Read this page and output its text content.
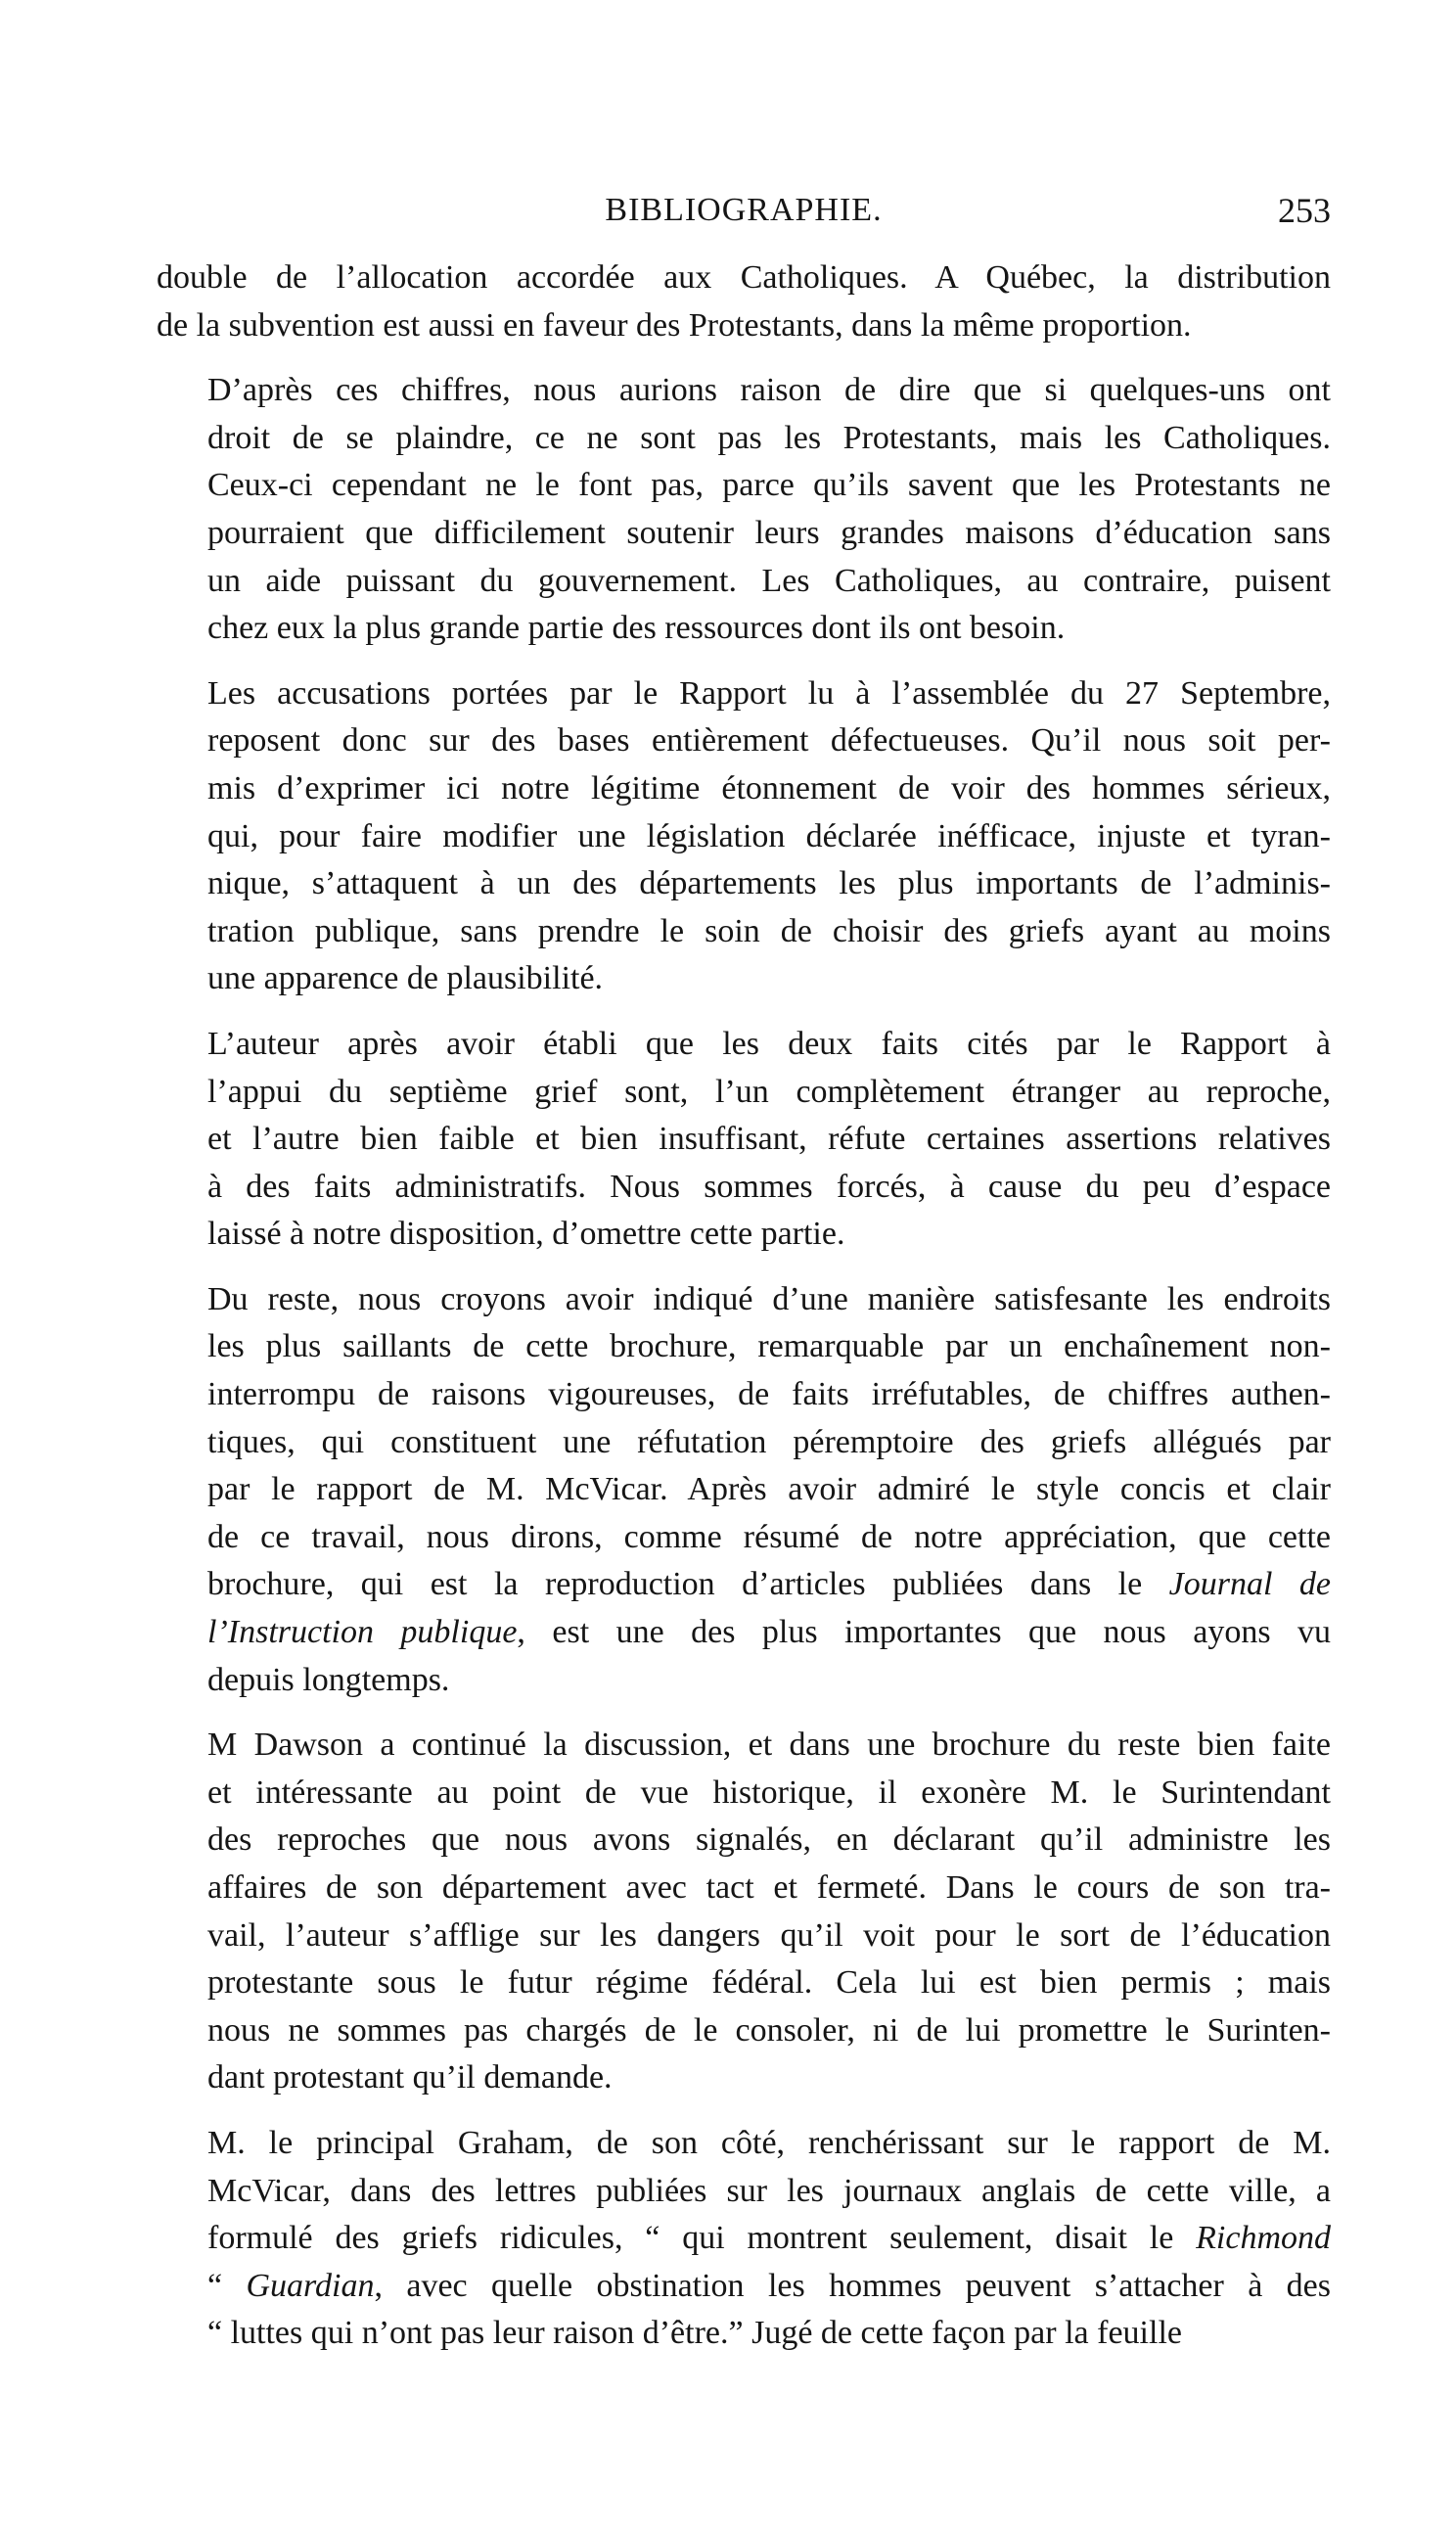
BIBLIOGRAPHIE.	253
double de l’allocation accordée aux Catholiques. A Québec, la distribution
de la subvention est aussi en faveur des Protestants, dans la même proportion.
D’après ces chiffres, nous aurions raison de dire que si quelques-uns ont
droit de se plaindre, ce ne sont pas les Protestants, mais les Catholiques.
Ceux-ci cependant ne le font pas, parce qu’ils savent que les Protestants ne
pourraient que difficilement soutenir leurs grandes maisons d’éducation sans
un aide puissant du gouvernement. Les Catholiques, au contraire, puisent
chez eux la plus grande partie des ressources dont ils ont besoin.
Les accusations portées par le Rapport lu à l’assemblée du 27 Septembre,
reposent donc sur des bases entièrement défectueuses. Qu’il nous soit per-
mis d’exprimer ici notre légitime étonnement de voir des hommes sérieux,
qui, pour faire modifier une législation déclarée inéfficace, injuste et tyran-
nique, s’attaquent à un des départements les plus importants de l’adminis-
tration publique, sans prendre le soin de choisir des griefs ayant au moins
une apparence de plausibilité.
L’auteur après avoir établi que les deux faits cités par le Rapport à
l’appui du septième grief sont, l’un complètement étranger au reproche,
et l’autre bien faible et bien insuffisant, réfute certaines assertions relatives
à des faits administratifs. Nous sommes forcés, à cause du peu d’espace
laissé à notre disposition, d’omettre cette partie.
Du reste, nous croyons avoir indiqué d’une manière satisfesante les endroits
les plus saillants de cette brochure, remarquable par un enchaînement non-
interrompu de raisons vigoureuses, de faits irréfutables, de chiffres authen-
tiques, qui constituent une réfutation péremptoire des griefs allégués par
par le rapport de M. McVicar. Après avoir admiré le style concis et clair
de ce travail, nous dirons, comme résumé de notre appréciation, que cette
brochure, qui est la reproduction d’articles publiées dans le Journal de
l’Instruction publique, est une des plus importantes que nous ayons vu
depuis longtemps.
M Dawson a continué la discussion, et dans une brochure du reste bien faite
et intéressante au point de vue historique, il exonère M. le Surintendant
des reproches que nous avons signalés, en déclarant qu’il administre les
affaires de son département avec tact et fermeté. Dans le cours de son tra-
vail, l’auteur s’afflige sur les dangers qu’il voit pour le sort de l’éducation
protestante sous le futur régime fédéral. Cela lui est bien permis ; mais
nous ne sommes pas chargés de le consoler, ni de lui promettre le Surinten-
dant protestant qu’il demande.
M. le principal Graham, de son côté, renchérissant sur le rapport de M.
McVicar, dans des lettres publiées sur les journaux anglais de cette ville, a
formulé des griefs ridicules, “ qui montrent seulement, disait le Richmond
“ Guardian, avec quelle obstination les hommes peuvent s’attacher à des
“ luttes qui n’ont pas leur raison d’être.” Jugé de cette façon par la feuille
